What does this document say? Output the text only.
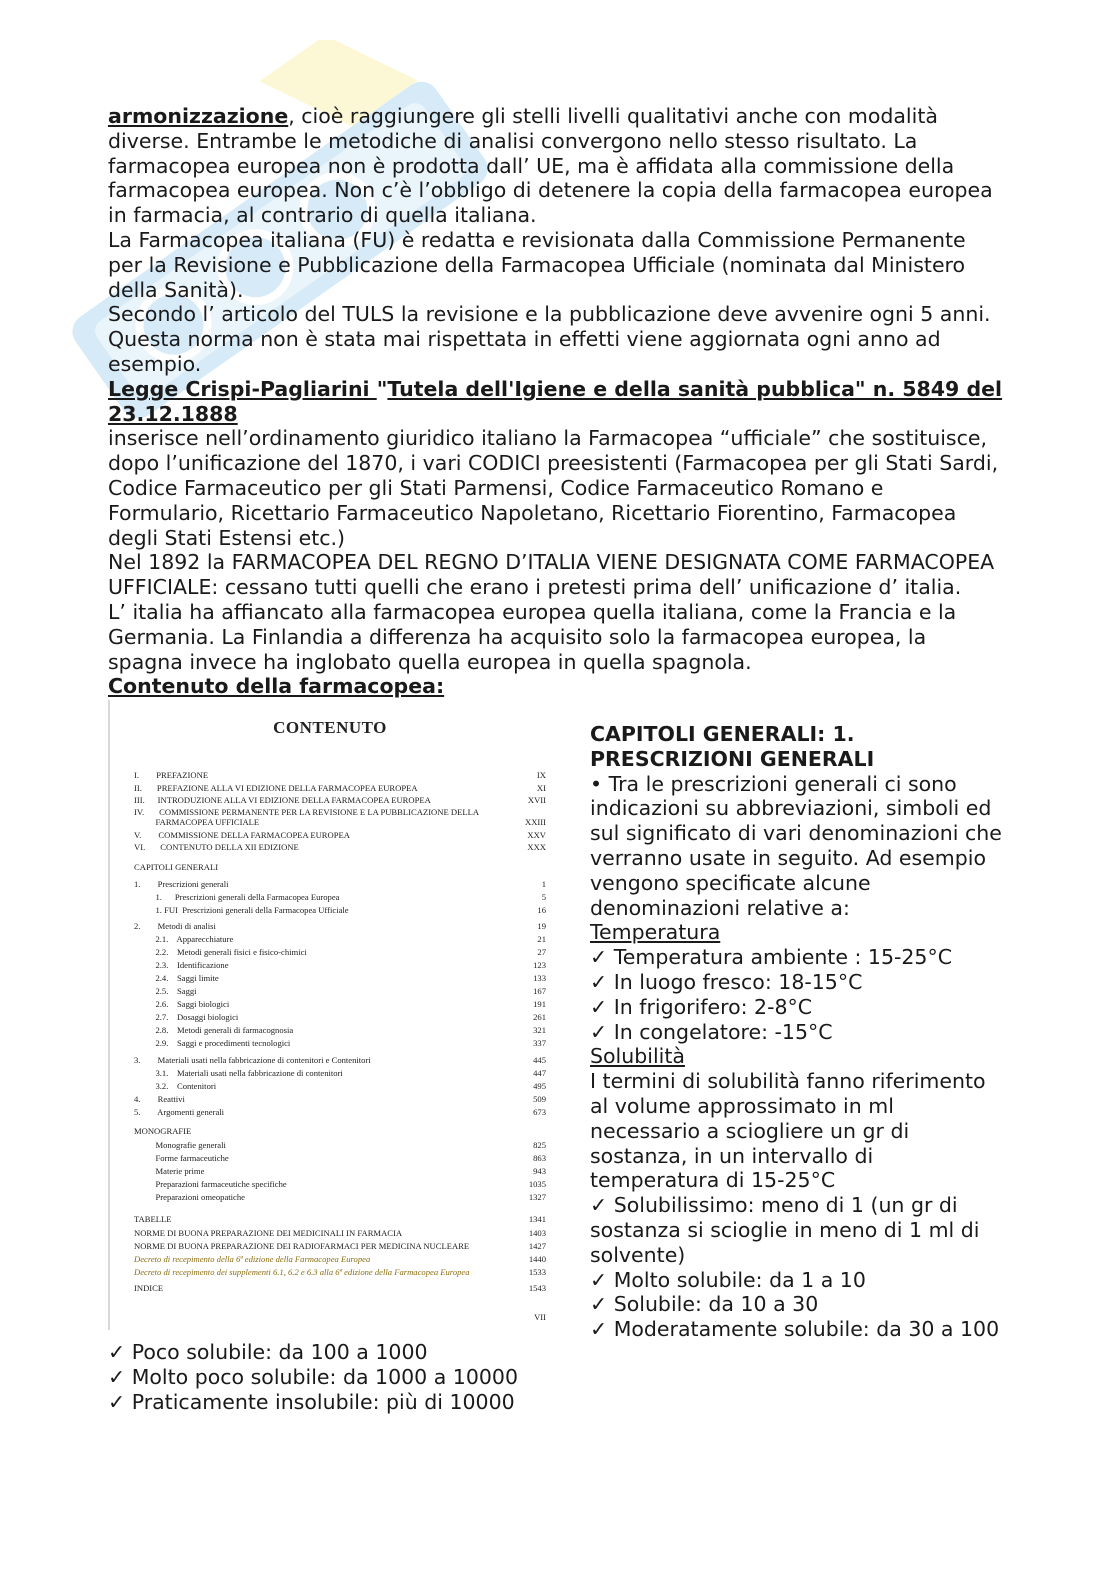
armonizzazione, cioè raggiungere gli stelli livelli qualitativi anche con modalità
diverse. Entrambe le metodiche di analisi convergono nello stesso risultato. La
farmacopea europea non è prodotta dall’ UE, ma è affidata alla commissione della
farmacopea europea. Non c’è l’obbligo di detenere la copia della farmacopea europea
in farmacia, al contrario di quella italiana.

La Farmacopea italiana (FU) è redatta e revisionata dalla Commissione Permanente
per la Revisione e Pubblicazione della Farmacopea Ufficiale (nominata dal Ministero
della Sanità).

Secondo l’ articolo del TULS la revisione e la pubblicazione deve avvenire ogni 5 anni.
Questa norma non è stata mai rispettata in effetti viene aggiornata ogni anno ad
esempio.

Legge Crispi-Pagliarini "Tutela dell'Igiene e della sanità pubblica" n. 5849 del
23.12.1888

inserisce nell’ordinamento giuridico italiano la Farmacopea “ufficiale” che sostituisce,
dopo l’unificazione del 1870, i vari CODICI preesistenti (Farmacopea per gli Stati Sardi,
Codice Farmaceutico per gli Stati Parmensi, Codice Farmaceutico Romano e
Formulario, Ricettario Farmaceutico Napoletano, Ricettario Fiorentino, Farmacopea
degli Stati Estensi etc.)

Nel 1892 la FARMACOPEA DEL REGNO D’ITALIA VIENE DESIGNATA COME FARMACOPEA
UFFICIALE: cessano tutti quelli che erano i pretesti prima dell’ unificazione d’ italia.

L’ italia ha affiancato alla farmacopea europea quella italiana, come la Francia e la
Germania. La Finlandia a differenza ha acquisito solo la farmacopea europea, la
spagna invece ha inglobato quella europea in quella spagnola.

Contenuto della farmacopea:

CONTENUTO
I.        PREFAZIONE	IX
II.       PREFAZIONE ALLA VI EDIZIONE DELLA FARMACOPEA EUROPEA	XI
III.      INTRODUZIONE ALLA VI EDIZIONE DELLA FARMACOPEA EUROPEA	XVII
IV.       COMMISSIONE PERMANENTE PER LA REVISIONE E LA PUBBLICAZIONE DELLA
FARMACOPEA UFFICIALE	XXIII
V.        COMMISSIONE DELLA FARMACOPEA EUROPEA	XXV
VI.       CONTENUTO DELLA XII EDIZIONE	XXX
CAPITOLI GENERALI
1.        Prescrizioni generali	1
1.      Prescrizioni generali della Farmacopea Europea	5
1. FUI  Prescrizioni generali della Farmacopea Ufficiale	16
2.        Metodi di analisi	19
2.1.    Apparecchiature	21
2.2.    Metodi generali fisici e fisico-chimici	27
2.3.    Identificazione	123
2.4.    Saggi limite	133
2.5.    Saggi	167
2.6.    Saggi biologici	191
2.7.    Dosaggi biologici	261
2.8.    Metodi generali di farmacognosia	321
2.9.    Saggi e procedimenti tecnologici	337
3.        Materiali usati nella fabbricazione di contenitori e Contenitori	445
3.1.    Materiali usati nella fabbricazione di contenitori	447
3.2.    Contenitori	495
4.        Reattivi	509
5.        Argomenti generali	673
MONOGRAFIE
Monografie generali	825
Forme farmaceutiche	863
Materie prime	943
Preparazioni farmaceutiche specifiche	1035
Preparazioni omeopatiche	1327
TABELLE	1341
NORME DI BUONA PREPARAZIONE DEI MEDICINALI IN FARMACIA	1403
NORME DI BUONA PREPARAZIONE DEI RADIOFARMACI PER MEDICINA NUCLEARE	1427
Decreto di recepimento della 6ª edizione della Farmacopea Europea	1440
Decreto di recepimento dei supplementi 6.1, 6.2 e 6.3 alla 6ª edizione della Farmacopea Europea	1533
INDICE	1543
VII

CAPITOLI GENERALI: 1.
PRESCRIZIONI GENERALI

• Tra le prescrizioni generali ci sono
indicazioni su abbreviazioni, simboli ed
sul significato di vari denominazioni che
verranno usate in seguito. Ad esempio
vengono specificate alcune
denominazioni relative a:

Temperatura

✓ Temperatura ambiente : 15-25°C
✓ In luogo fresco: 18-15°C
✓ In frigorifero: 2-8°C
✓ In congelatore: -15°C

Solubilità

I termini di solubilità fanno riferimento
al volume approssimato in ml
necessario a sciogliere un gr di
sostanza, in un intervallo di
temperatura di 15-25°C

✓ Solubilissimo: meno di 1 (un gr di
sostanza si scioglie in meno di 1 ml di
solvente)
✓ Molto solubile: da 1 a 10
✓ Solubile: da 10 a 30
✓ Moderatamente solubile: da 30 a 100

✓ Poco solubile: da 100 a 1000
✓ Molto poco solubile: da 1000 a 10000
✓ Praticamente insolubile: più di 10000
